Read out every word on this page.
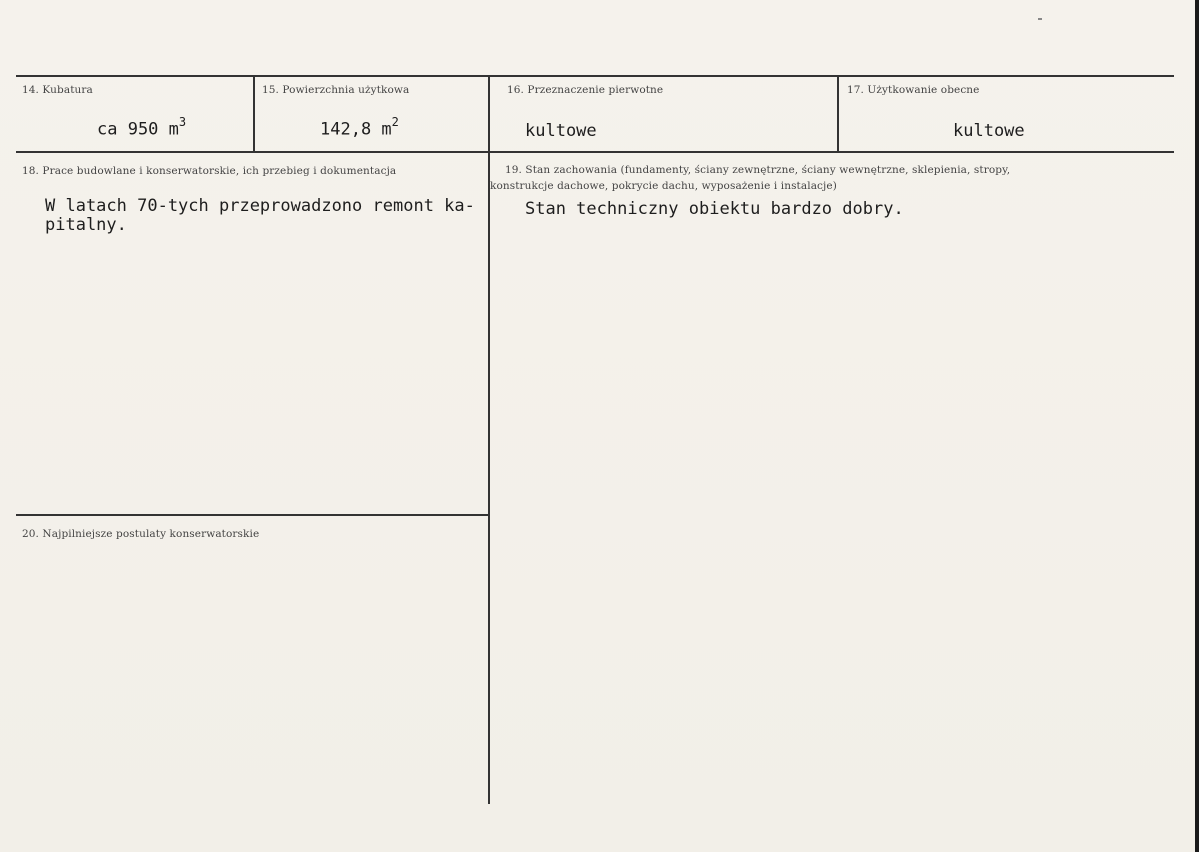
14. Kubatura
ca 950 $m^3$
15. Powierzchnia użytkowa
142,8 $m^2$
16. Przeznaczenie pierwotne
kultowe
17. Użytkowanie obecne
kultowe
18. Prace budowlane i konserwatorskie, ich przebieg i dokumentacja
W latach 70-tych przeprowadzono remont ka-
pitalny.
19. Stan zachowania (fundamenty, ściany zewnętrzne, ściany wewnętrzne, sklepienia, stropy,
konstrukcje dachowe, pokrycie dachu, wyposażenie i instalacje)
Stan techniczny obiektu bardzo dobry.
20. Najpilniejsze postulaty konserwatorskie
